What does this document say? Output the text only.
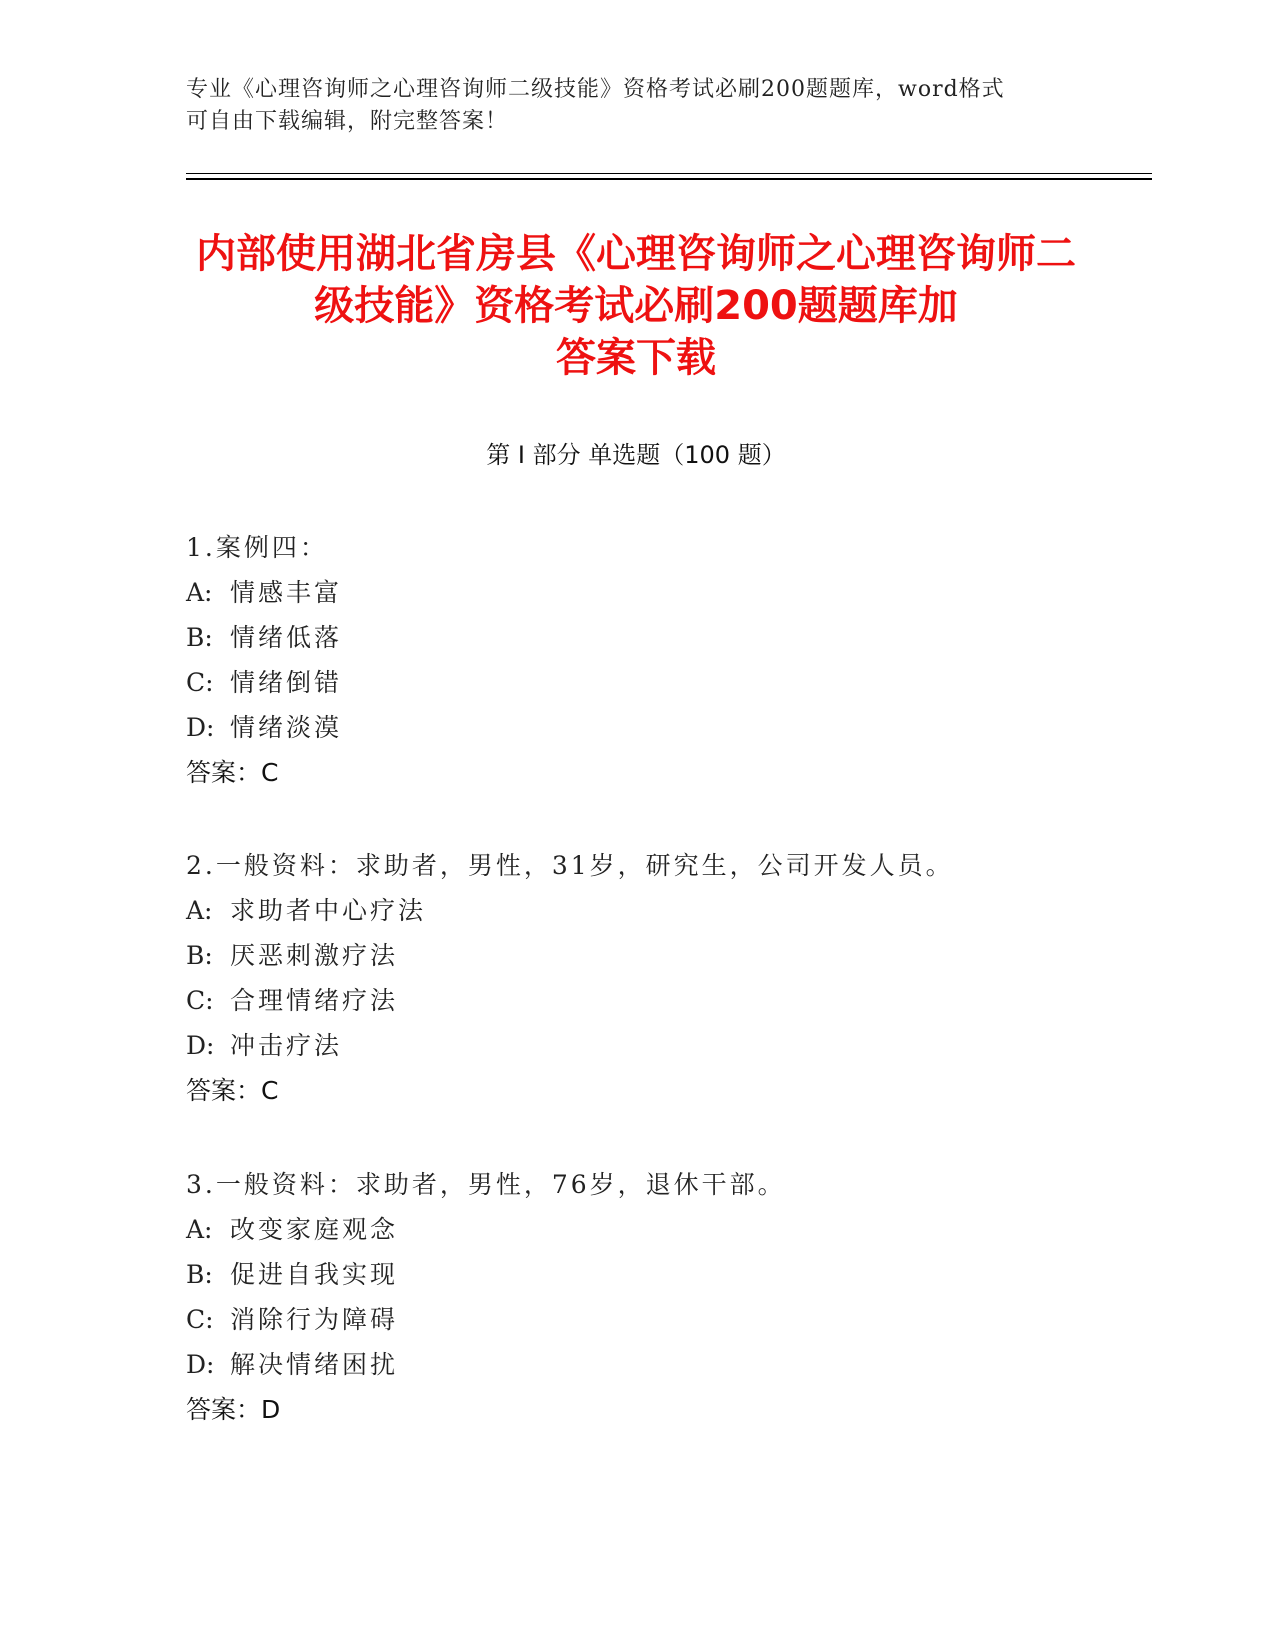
专业《心理咨询师之心理咨询师二级技能》资格考试必刷200题题库，word格式
可自由下载编辑，附完整答案！
内部使用湖北省房县《心理咨询师之心理咨询师二级技能》资格考试必刷200题题库加
答案下载
第 I 部分 单选题（100 题）
1.案例四：
A: 情感丰富
B: 情绪低落
C: 情绪倒错
D: 情绪淡漠
答案：C
2.一般资料：求助者，男性，31岁，研究生，公司开发人员。
A: 求助者中心疗法
B: 厌恶刺激疗法
C: 合理情绪疗法
D: 冲击疗法
答案：C
3.一般资料：求助者，男性，76岁，退休干部。
A: 改变家庭观念
B: 促进自我实现
C: 消除行为障碍
D: 解决情绪困扰
答案：D
